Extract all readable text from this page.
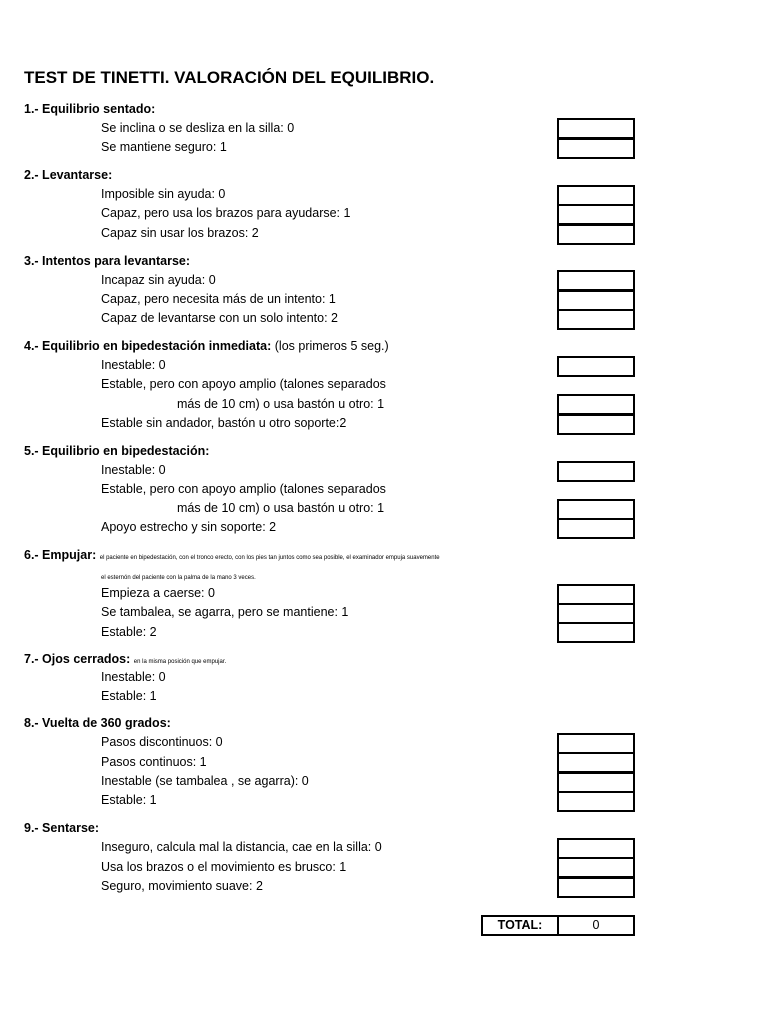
TEST DE TINETTI. VALORACIÓN DEL EQUILIBRIO.
1.- Equilibrio sentado:
Se inclina o se desliza en la silla: 0
Se mantiene seguro: 1
2.- Levantarse:
Imposible sin ayuda: 0
Capaz, pero usa los brazos para ayudarse: 1
Capaz sin usar los brazos: 2
3.- Intentos para levantarse:
Incapaz sin ayuda: 0
Capaz, pero necesita más de un intento: 1
Capaz de levantarse con un solo intento: 2
4.- Equilibrio en bipedestación inmediata: (los primeros 5 seg.)
Inestable: 0
Estable, pero con apoyo amplio (talones separados
más de 10 cm) o usa bastón u otro: 1
Estable sin andador, bastón u otro soporte:2
5.- Equilibrio en bipedestación:
Inestable: 0
Estable, pero con apoyo amplio (talones separados
más de 10 cm) o usa bastón u otro: 1
Apoyo estrecho y sin soporte: 2
6.- Empujar: el paciente en bipedestación, con el tronco erecto, con los pies tan juntos como sea posible, el examinador empuja suavemente
el esternón del paciente con la palma de la mano 3 veces.
Empieza a caerse: 0
Se tambalea, se agarra, pero se mantiene: 1
Estable: 2
7.- Ojos cerrados: en la misma posición que empujar.
Inestable: 0
Estable: 1
8.- Vuelta de 360 grados:
Pasos discontinuos: 0
Pasos continuos: 1
Inestable (se tambalea , se agarra): 0
Estable: 1
9.- Sentarse:
Inseguro, calcula mal la distancia, cae en la silla: 0
Usa los brazos o el movimiento es brusco: 1
Seguro, movimiento suave: 2
TOTAL:	0
